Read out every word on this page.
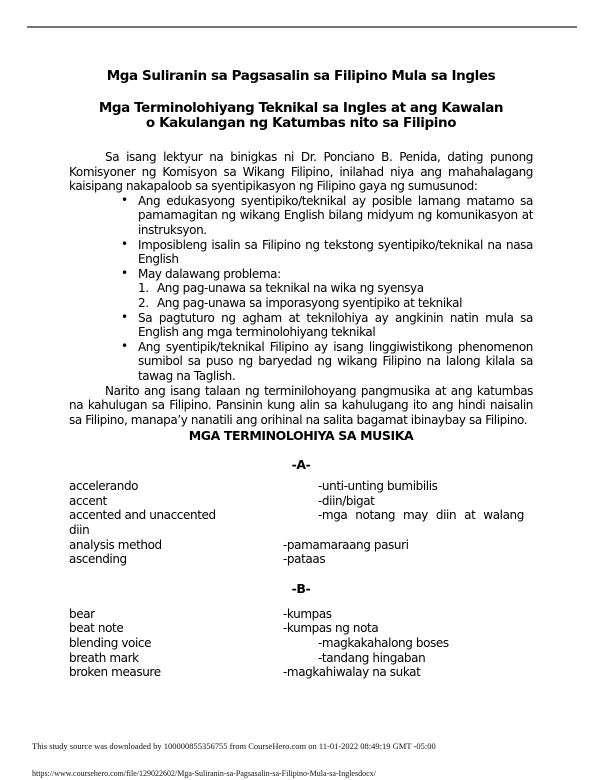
Mga Suliranin sa Pagsasalin sa Filipino Mula sa Ingles
Mga Terminolohiyang Teknikal sa Ingles at ang Kawalan
o Kakulangan ng Katumbas nito sa Filipino

Sa isang lektyur na binigkas ni Dr. Ponciano B. Penida, dating punong Komisyoner ng Komisyon sa Wikang Filipino, inilahad niya ang mahahalagang kaisipang nakapaloob sa syentipikasyon ng Filipino gaya ng sumusunod:

• Ang edukasyong syentipiko/teknikal ay posible lamang matamo sa pamamagitan ng wikang English bilang midyum ng komunikasyon at instruksyon.
• Imposibleng isalin sa Filipino ng tekstong syentipiko/teknikal na nasa English
• May dalawang problema:
1. Ang pag-unawa sa teknikal na wika ng syensya
2. Ang pag-unawa sa imporasyong syentipiko at teknikal
• Sa pagtuturo ng agham at teknilohiya ay angkinin natin mula sa English ang mga terminolohiyang teknikal
• Ang syentipik/teknikal Filipino ay isang linggiwistikong phenomenon sumibol sa puso ng baryedad ng wikang Filipino na lalong kilala sa tawag na Taglish.

Narito ang isang talaan ng terminilohoyang pangmusika at ang katumbas na kahulugan sa Filipino. Pansinin kung alin sa kahulugang ito ang hindi naisalin sa Filipino, manapa’y nanatili ang orihinal na salita bagamat ibinaybay sa Filipino.

MGA TERMINOLOHIYA SA MUSIKA
-A-
accelerando	-unti-unting bumibilis
accent	-diin/bigat
accented and unaccented	-mga notang may diin at walang
diin
analysis method	-pamamaraang pasuri
ascending	-pataas
-B-
bear	-kumpas
beat note	-kumpas ng nota
blending voice	-magkakahalong boses
breath mark	-tandang hingaban
broken measure	-magkahiwalay na sukat
This study source was downloaded by 100000855356755 from CourseHero.com on 11-01-2022 08:49:19 GMT -05:00
https://www.coursehero.com/file/129022602/Mga-Suliranin-sa-Pagsasalin-sa-Filipino-Mula-sa-Inglesdocx/
